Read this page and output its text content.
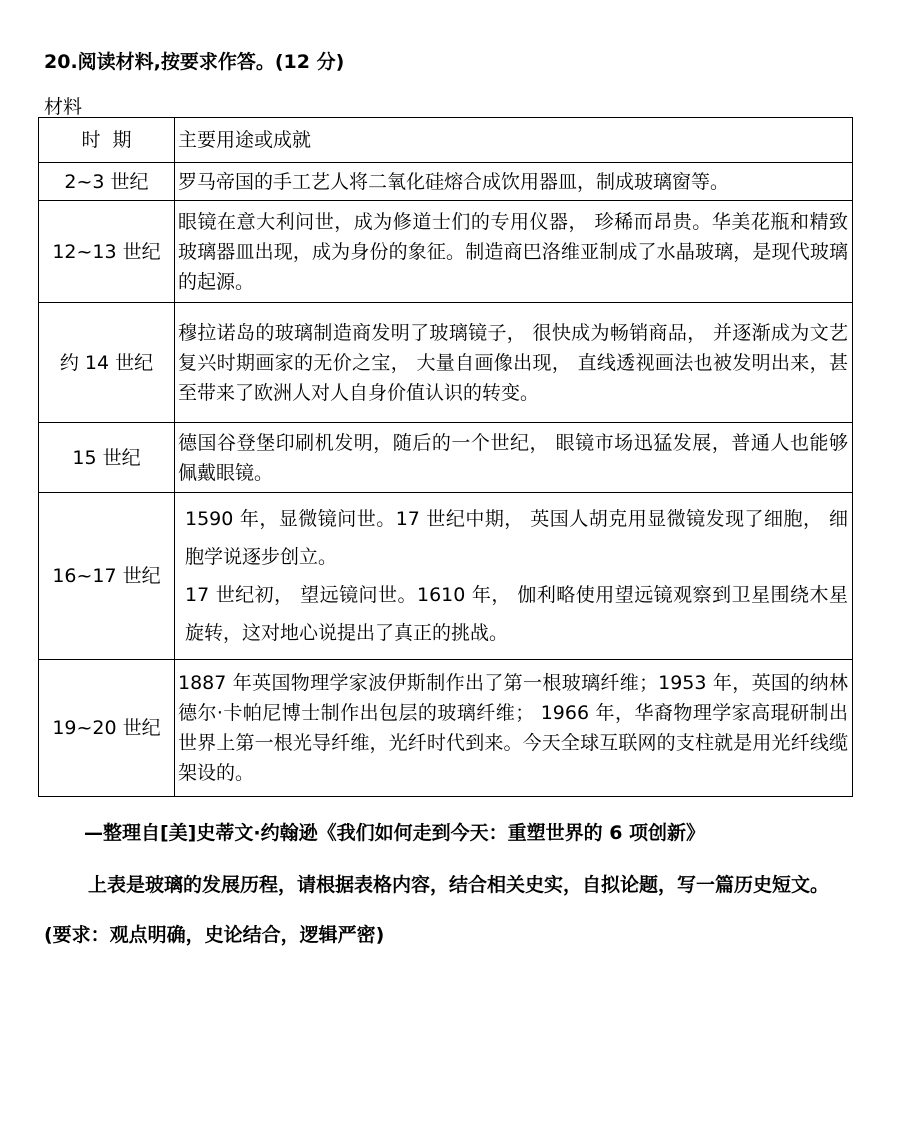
20.阅读材料,按要求作答。(12 分)
材料
时  期	主要用途或成就
2~3 世纪	罗马帝国的手工艺人将二氧化硅熔合成饮用器皿，制成玻璃窗等。
12~13 世纪	眼镜在意大利问世，成为修道士们的专用仪器， 珍稀而昂贵。华美花瓶和精致玻璃器皿出现，成为身份的象征。制造商巴洛维亚制成了水晶玻璃，是现代玻璃的起源。
约 14 世纪	穆拉诺岛的玻璃制造商发明了玻璃镜子， 很快成为畅销商品， 并逐渐成为文艺复兴时期画家的无价之宝， 大量自画像出现， 直线透视画法也被发明出来，甚至带来了欧洲人对人自身价值认识的转变。
15 世纪	德国谷登堡印刷机发明，随后的一个世纪， 眼镜市场迅猛发展，普通人也能够佩戴眼镜。
16~17 世纪	1590 年，显微镜问世。17 世纪中期， 英国人胡克用显微镜发现了细胞， 细胞学说逐步创立。
17 世纪初， 望远镜问世。1610 年， 伽利略使用望远镜观察到卫星围绕木星旋转，这对地心说提出了真正的挑战。

19~20 世纪	1887 年英国物理学家波伊斯制作出了第一根玻璃纤维；1953 年，英国的纳林德尔·卡帕尼博士制作出包层的玻璃纤维； 1966 年，华裔物理学家高琨研制出世界上第一根光导纤维，光纤时代到来。今天全球互联网的支柱就是用光纤线缆架设的。
—整理自[美]史蒂文·约翰逊《我们如何走到今天：重塑世界的 6 项创新》
上表是玻璃的发展历程，请根据表格内容，结合相关史实，自拟论题，写一篇历史短文。(要求：观点明确，史论结合，逻辑严密)
